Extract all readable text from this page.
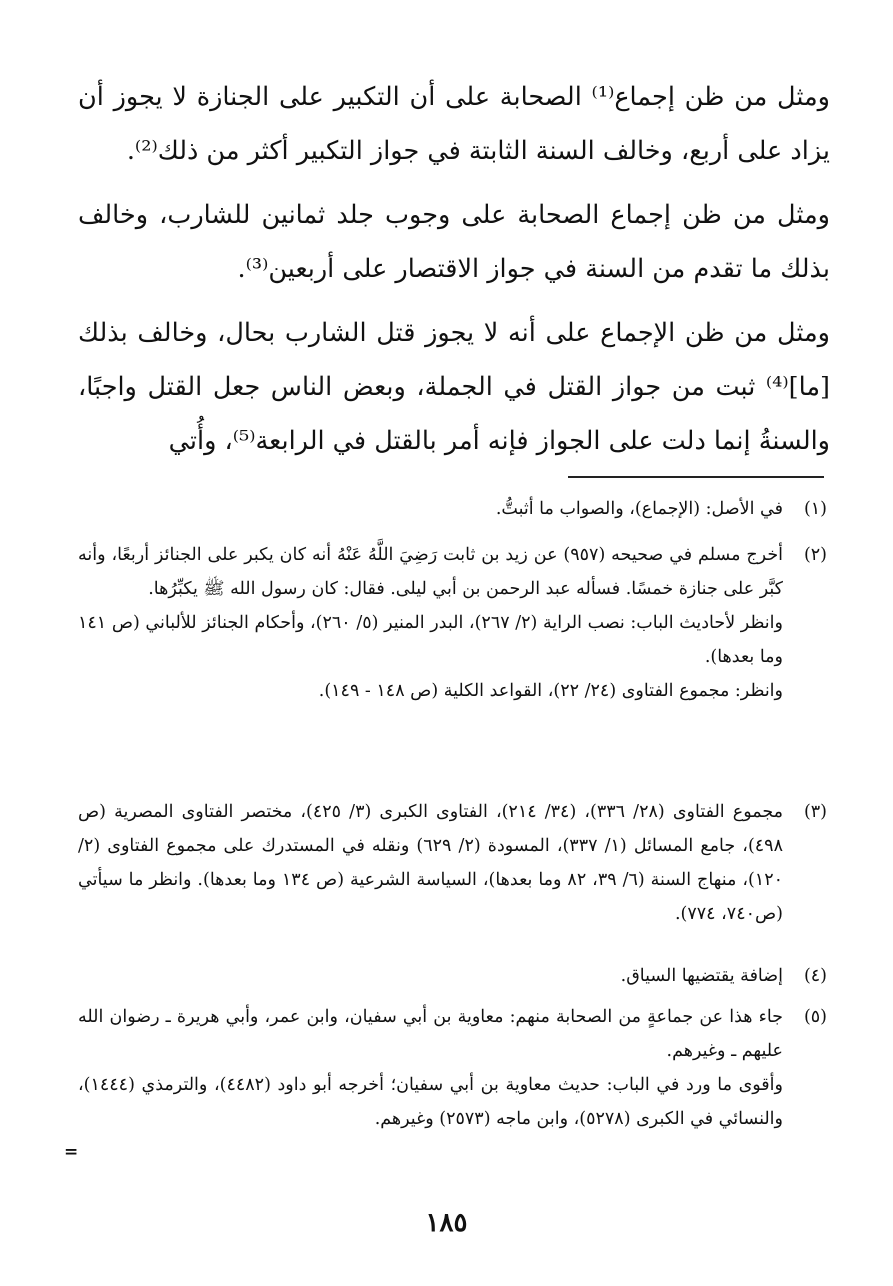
ومثل من ظن إجماع⁽¹⁾ الصحابة على أن التكبير على الجنازة لا يجوز أن يزاد على أربع، وخالف السنة الثابتة في جواز التكبير أكثر من ذلك⁽²⁾.

ومثل من ظن إجماع الصحابة على وجوب جلد ثمانين للشارب، وخالف بذلك ما تقدم من السنة في جواز الاقتصار على أربعين⁽³⁾.

ومثل من ظن الإجماع على أنه لا يجوز قتل الشارب بحال، وخالف بذلك [ما]⁽⁴⁾ ثبت من جواز القتل في الجملة، وبعض الناس جعل القتل واجبًا، والسنةُ إنما دلت على الجواز فإنه أمر بالقتل في الرابعة⁽⁵⁾، وأُتي

(١)

في الأصل: (الإجماع)، والصواب ما أثبتُّ.

(٢)

أخرج مسلم في صحيحه (٩٥٧) عن زيد بن ثابت رَضِيَ اللَّهُ عَنْهُ أنه كان يكبر على الجنائز أربعًا، وأنه كبَّر على جنازة خمسًا. فسأله عبد الرحمن بن أبي ليلى. فقال: كان رسول الله ﷺ يكبِّرُها.

وانظر لأحاديث الباب: نصب الراية (٢/ ٢٦٧)، البدر المنير (٥/ ٢٦٠)، وأحكام الجنائز للألباني (ص ١٤١ وما بعدها).

وانظر: مجموع الفتاوى (٢٤/ ٢٢)، القواعد الكلية (ص ١٤٨ - ١٤٩).

(٣)

مجموع الفتاوى (٢٨/ ٣٣٦)، (٣٤/ ٢١٤)، الفتاوى الكبرى (٣/ ٤٢٥)، مختصر الفتاوى المصرية (ص ٤٩٨)، جامع المسائل (١/ ٣٣٧)، المسودة (٢/ ٦٢٩) ونقله في المستدرك على مجموع الفتاوى (٢/ ١٢٠)، منهاج السنة (٦/ ٣٩، ٨٢ وما بعدها)، السياسة الشرعية (ص ١٣٤ وما بعدها). وانظر ما سيأتي (ص٧٤٠، ٧٧٤).

(٤)

إضافة يقتضيها السياق.

(٥)

جاء هذا عن جماعةٍ من الصحابة منهم: معاوية بن أبي سفيان، وابن عمر، وأبي هريرة ـ رضوان الله عليهم ـ وغيرهم.

وأقوى ما ورد في الباب: حديث معاوية بن أبي سفيان؛ أخرجه أبو داود (٤٤٨٢)، والترمذي (١٤٤٤)، والنسائي في الكبرى (٥٢٧٨)، وابن ماجه (٢٥٧٣) وغيرهم.

=
١٨٥
